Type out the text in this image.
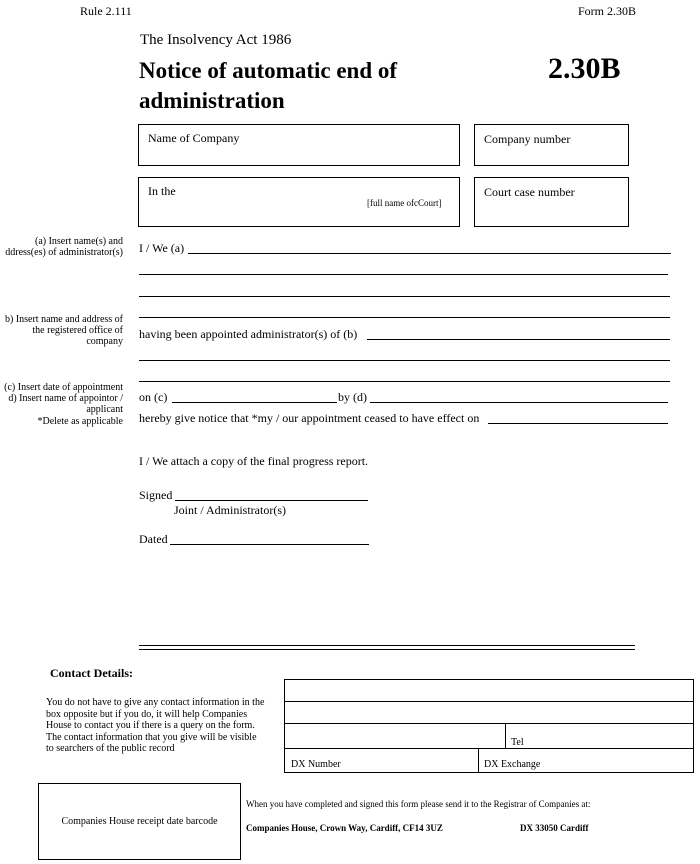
Rule 2.111	Form 2.30B
The Insolvency Act 1986
Notice of automatic end of administration
2.30B
Name of Company	Company number
In the
[full name ofcCourt]
Court case number
(a) Insert name(s) and ddress(es) of administrator(s)
b) Insert name and address of the registered office of company
(c) Insert date of appointment
d) Insert name of appointor / applicant
*Delete as applicable
I / We (a)
having been appointed administrator(s) of (b)
on (c)	by (d)
hereby give notice that *my / our appointment ceased to have effect on
I / We attach a copy of the final progress report.
Signed
Joint / Administrator(s)
Dated
Contact Details:
You do not have to give any contact information in the box opposite but if you do, it will help Companies House to contact you if there is a query on the form. The contact information that you give will be visible to searchers of the public record
Tel
DX Number	DX Exchange
Companies House receipt date barcode
When you have completed and signed this form please send it to the Registrar of Companies at:
Companies House, Crown Way, Cardiff, CF14 3UZ	DX 33050 Cardiff
